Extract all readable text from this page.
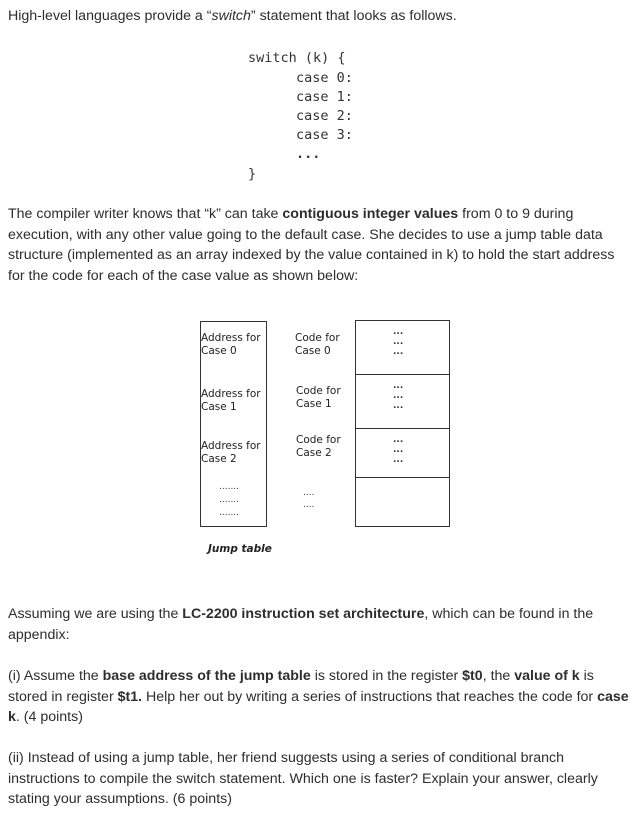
High-level languages provide a “switch” statement that looks as follows.

switch (k) {
case 0:
case 1:
case 2:
case 3:
...
}

The compiler writer knows that “k” can take contiguous integer values from 0 to 9 during execution, with any other value going to the default case. She decides to use a jump table data structure (implemented as an array indexed by the value contained in k) to hold the start address for the code for each of the case value as shown below:

Address for
Case 0
Address for
Case 1
Address for
Case 2
.......
.......
.......
Jump table
Code for
Case 0
Code for
Case 1
Code for
Case 2
....
....
...
...
...
...
...
...
...
...
...

Assuming we are using the LC-2200 instruction set architecture, which can be found in the appendix:

(i) Assume the base address of the jump table is stored in the register $t0, the value of k is stored in register $t1. Help her out by writing a series of instructions that reaches the code for case k. (4 points)

(ii) Instead of using a jump table, her friend suggests using a series of conditional branch instructions to compile the switch statement. Which one is faster? Explain your answer, clearly stating your assumptions. (6 points)
